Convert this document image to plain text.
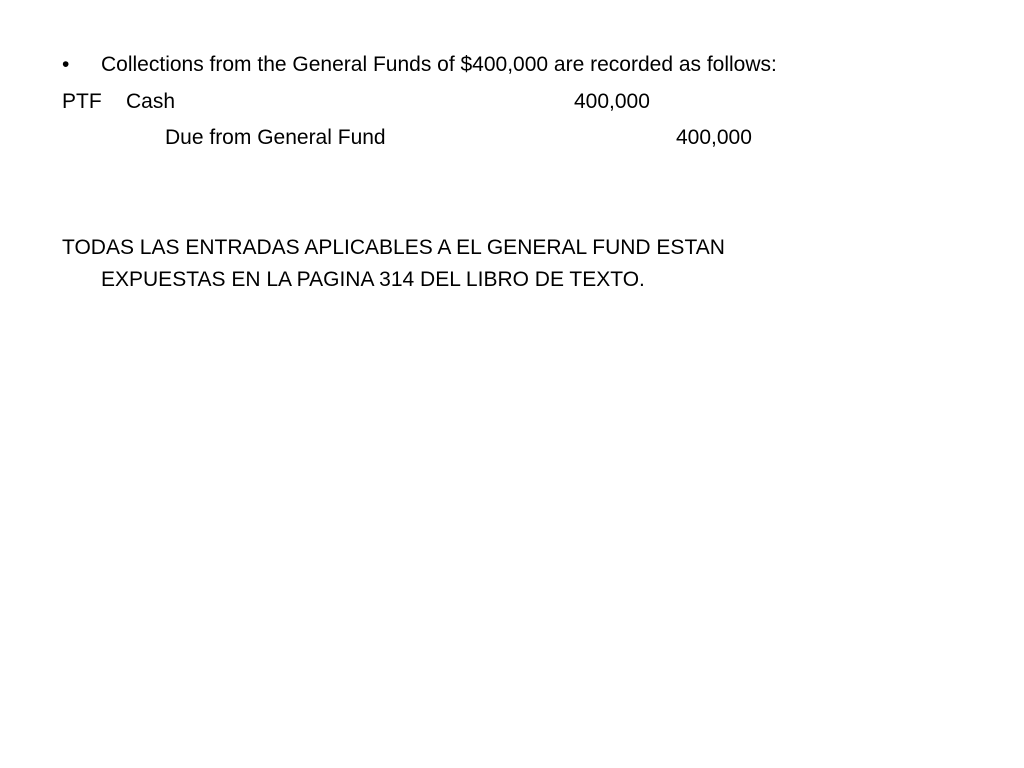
• Collections from the General Funds of $400,000 are recorded as follows:
PTF Cash	400,000
Due from General Fund	400,000
TODAS LAS ENTRADAS APLICABLES A EL GENERAL FUND ESTAN
EXPUESTAS EN LA PAGINA 314 DEL LIBRO DE TEXTO.
